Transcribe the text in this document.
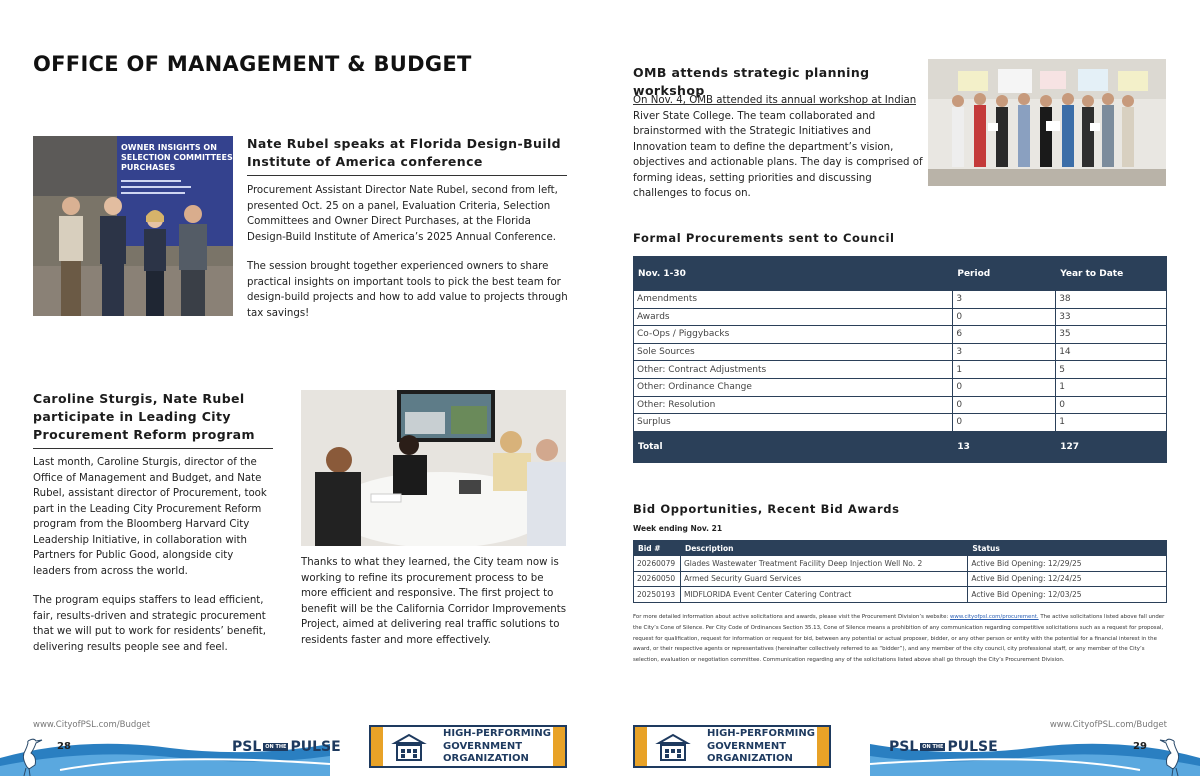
OFFICE OF MANAGEMENT & BUDGET
OWNER INSIGHTS ON
SELECTION COMMITTEES
PURCHASES
Nate Rubel speaks at Florida Design-Build Institute of America conference

Procurement Assistant Director Nate Rubel, second from left, presented Oct. 25 on a panel, Evaluation Criteria, Selection Committees and Owner Direct Purchases, at the Florida Design-Build Institute of America’s 2025 Annual Conference.

The session brought together experienced owners to share practical insights on important tools to pick the best team for design-build projects and how to add value to projects through tax savings!

Caroline Sturgis, Nate Rubel participate in Leading City Procurement Reform program

Last month, Caroline Sturgis, director of the Office of Management and Budget, and Nate Rubel, assistant director of Procurement, took part in the Leading City Procurement Reform program from the Bloomberg Harvard City Leadership Initiative, in collaboration with Partners for Public Good, alongside city leaders from across the world.

The program equips staffers to lead efficient, fair, results-driven and strategic procurement that we will put to work for residents’ benefit, delivering results people see and feel.

Thanks to what they learned, the City team now is working to refine its procurement process to be more efficient and responsive. The first project to benefit will be the California Corridor Improvements Project, aimed at delivering real traffic solutions to residents faster and more effectively.

OMB attends strategic planning workshop

On Nov. 4, OMB attended its annual workshop at Indian River State College. The team collaborated and brainstormed with the Strategic Initiatives and Innovation team to define the department’s vision, objectives and actionable plans. The day is comprised of forming ideas, setting priorities and discussing challenges to focus on.

Formal Procurements sent to Council
Nov. 1-30	Period	Year to Date
Amendments	3	38
Awards	0	33
Co-Ops / Piggybacks	6	35
Sole Sources	3	14
Other: Contract Adjustments	1	5
Other: Ordinance Change	0	1
Other: Resolution	0	0
Surplus	0	1
Total	13	127
Bid Opportunities, Recent Bid Awards
Week ending Nov. 21
Bid #	Description	Status
20260079	Glades Wastewater Treatment Facility Deep Injection Well No. 2	Active Bid Opening: 12/29/25
20260050	Armed Security Guard Services	Active Bid Opening: 12/24/25
20250193	MIDFLORIDA Event Center Catering Contract	Active Bid Opening: 12/03/25
For more detailed information about active solicitations and awards, please visit the Procurement Division’s website: www.cityofpsl.com/procurement. The active solicitations listed above fall under the City’s Cone of Silence. Per City Code of Ordinances Section 35.13, Cone of Silence means a prohibition of any communication regarding competitive solicitations such as a request for proposal, request for qualification, request for information or request for bid, between any potential or actual proposer, bidder, or any other person or entity with the potential for a financial interest in the award, or their respective agents or representatives (hereinafter collectively referred to as “bidder”), and any member of the city council, city professional staff, or any member of the City’s selection, evaluation or negotiation committee. Communication regarding any of the solicitations listed above shall go through the City’s Procurement Division.
www.CityofPSL.com/Budget	www.CityofPSL.com/Budget
28	29
PSL ON THE PULSE	PSL ON THE PULSE
HIGH-PERFORMING
GOVERNMENT
ORGANIZATION
HIGH-PERFORMING
GOVERNMENT
ORGANIZATION
